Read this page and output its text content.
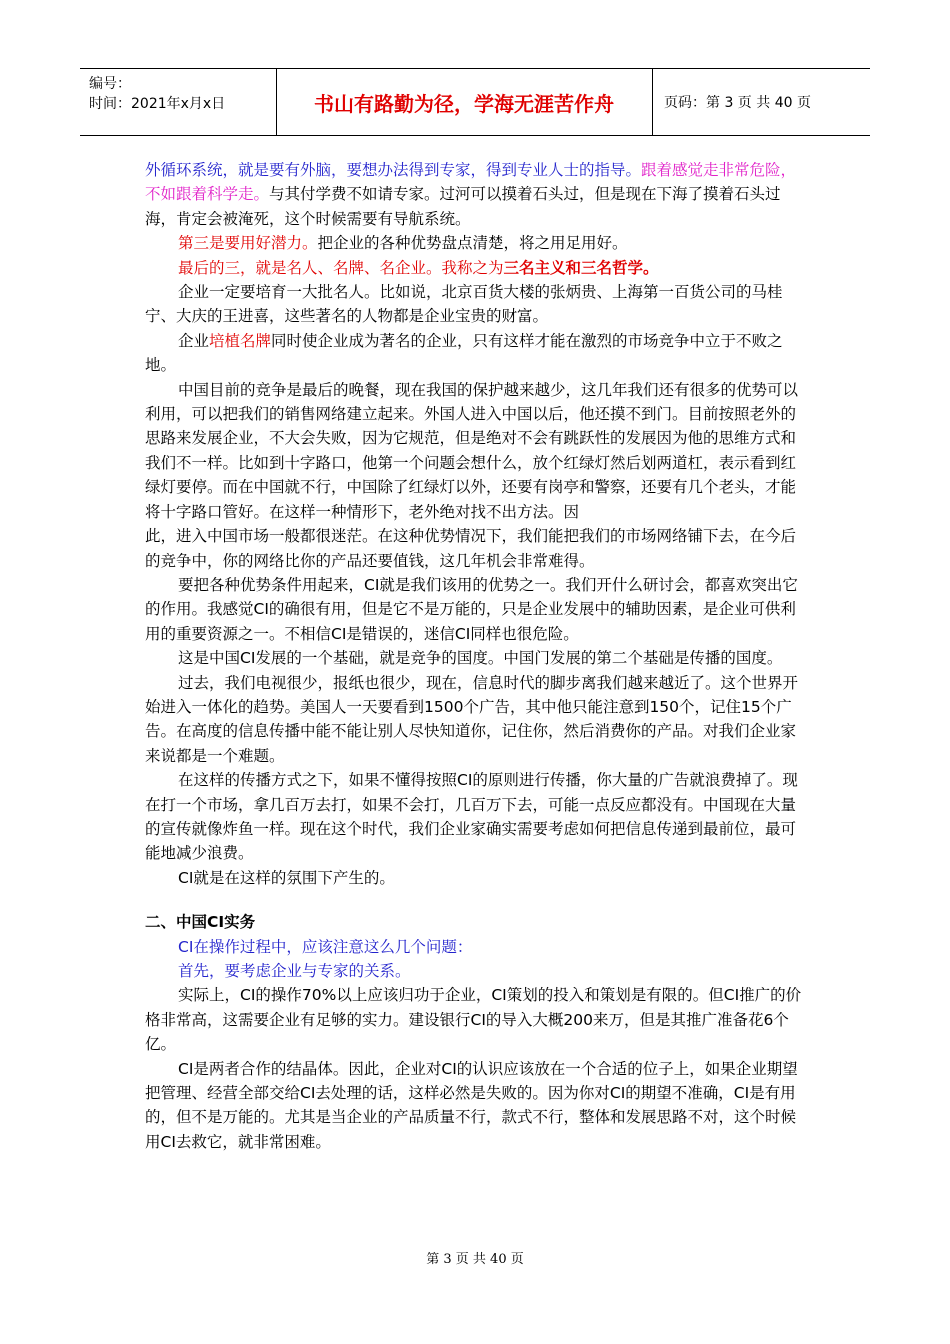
编号：
时间：2021年x月x日	书山有路勤为径，学海无涯苦作舟	页码：第 3 页 共 40 页

外循环系统，就是要有外脑，要想办法得到专家，得到专业人士的指导。跟着感觉走非常危险，不如跟着科学走。与其付学费不如请专家。过河可以摸着石头过，但是现在下海了摸着石头过海，肯定会被淹死，这个时候需要有导航系统。

第三是要用好潜力。把企业的各种优势盘点清楚，将之用足用好。

最后的三，就是名人、名牌、名企业。我称之为三名主义和三名哲学。

企业一定要培育一大批名人。比如说，北京百货大楼的张炳贵、上海第一百货公司的马桂宁、大庆的王进喜，这些著名的人物都是企业宝贵的财富。

企业培植名牌同时使企业成为著名的企业，只有这样才能在激烈的市场竞争中立于不败之地。

中国目前的竞争是最后的晚餐，现在我国的保护越来越少，这几年我们还有很多的优势可以利用，可以把我们的销售网络建立起来。外国人进入中国以后，他还摸不到门。目前按照老外的思路来发展企业，不大会失败，因为它规范，但是绝对不会有跳跃性的发展因为他的思维方式和我们不一样。比如到十字路口，他第一个问题会想什么，放个红绿灯然后划两道杠，表示看到红绿灯要停。而在中国就不行，中国除了红绿灯以外，还要有岗亭和警察，还要有几个老头，才能将十字路口管好。在这样一种情形下，老外绝对找不出方法。因

此，进入中国市场一般都很迷茫。在这种优势情况下，我们能把我们的市场网络铺下去，在今后的竞争中，你的网络比你的产品还要值钱，这几年机会非常难得。

要把各种优势条件用起来，CI就是我们该用的优势之一。我们开什么研讨会，都喜欢突出它的作用。我感觉CI的确很有用，但是它不是万能的，只是企业发展中的辅助因素，是企业可供利用的重要资源之一。不相信CI是错误的，迷信CI同样也很危险。

这是中国CI发展的一个基础，就是竞争的国度。中国门发展的第二个基础是传播的国度。

过去，我们电视很少，报纸也很少，现在，信息时代的脚步离我们越来越近了。这个世界开始进入一体化的趋势。美国人一天要看到1500个广告，其中他只能注意到150个，记住15个广告。在高度的信息传播中能不能让别人尽快知道你，记住你，然后消费你的产品。对我们企业家来说都是一个难题。

在这样的传播方式之下，如果不懂得按照CI的原则进行传播，你大量的广告就浪费掉了。现在打一个市场，拿几百万去打，如果不会打，几百万下去，可能一点反应都没有。中国现在大量的宣传就像炸鱼一样。现在这个时代，我们企业家确实需要考虑如何把信息传递到最前位，最可能地减少浪费。

CI就是在这样的氛围下产生的。

二、中国CI实务

CI在操作过程中，应该注意这么几个问题：

首先，要考虑企业与专家的关系。

实际上，CI的操作70%以上应该归功于企业，CI策划的投入和策划是有限的。但CI推广的价格非常高，这需要企业有足够的实力。建设银行CI的导入大概200来万，但是其推广准备花6个亿。

CI是两者合作的结晶体。因此，企业对CI的认识应该放在一个合适的位子上，如果企业期望把管理、经营全部交给CI去处理的话，这样必然是失败的。因为你对CI的期望不准确，CI是有用的，但不是万能的。尤其是当企业的产品质量不行，款式不行，整体和发展思路不对，这个时候用CI去救它，就非常困难。

第 3 页 共 40 页
